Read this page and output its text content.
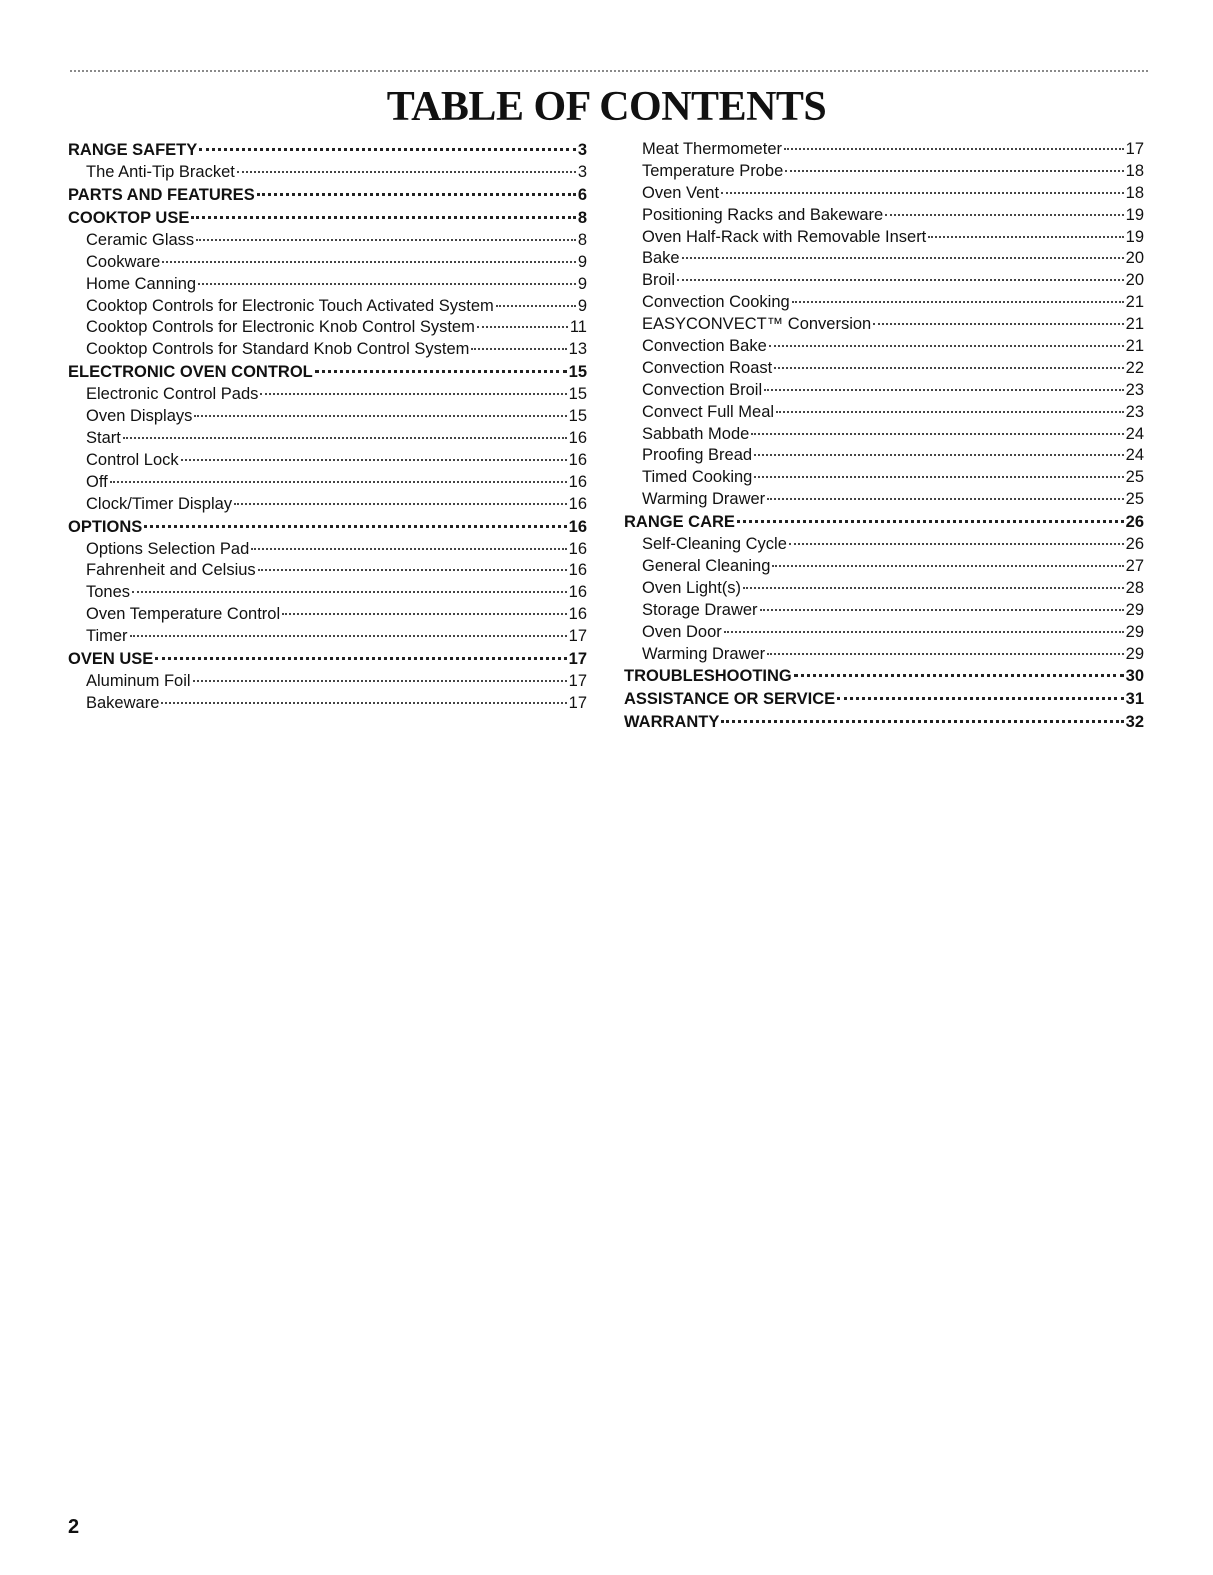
TABLE OF CONTENTS
RANGE SAFETY	3
The Anti-Tip Bracket	3
PARTS AND FEATURES	6
COOKTOP USE	8
Ceramic Glass	8
Cookware	9
Home Canning	9
Cooktop Controls for Electronic Touch Activated System	9
Cooktop Controls for Electronic Knob Control System	11
Cooktop Controls for Standard Knob Control System	13
ELECTRONIC OVEN CONTROL	15
Electronic Control Pads	15
Oven Displays	15
Start	16
Control Lock	16
Off	16
Clock/Timer Display	16
OPTIONS	16
Options Selection Pad	16
Fahrenheit and Celsius	16
Tones	16
Oven Temperature Control	16
Timer	17
OVEN USE	17
Aluminum Foil	17
Bakeware	17
Meat Thermometer	17
Temperature Probe	18
Oven Vent	18
Positioning Racks and Bakeware	19
Oven Half-Rack with Removable Insert	19
Bake	20
Broil	20
Convection Cooking	21
EASYCONVECT™ Conversion	21
Convection Bake	21
Convection Roast	22
Convection Broil	23
Convect Full Meal	23
Sabbath Mode	24
Proofing Bread	24
Timed Cooking	25
Warming Drawer	25
RANGE CARE	26
Self-Cleaning Cycle	26
General Cleaning	27
Oven Light(s)	28
Storage Drawer	29
Oven Door	29
Warming Drawer	29
TROUBLESHOOTING	30
ASSISTANCE OR SERVICE	31
WARRANTY	32

2
